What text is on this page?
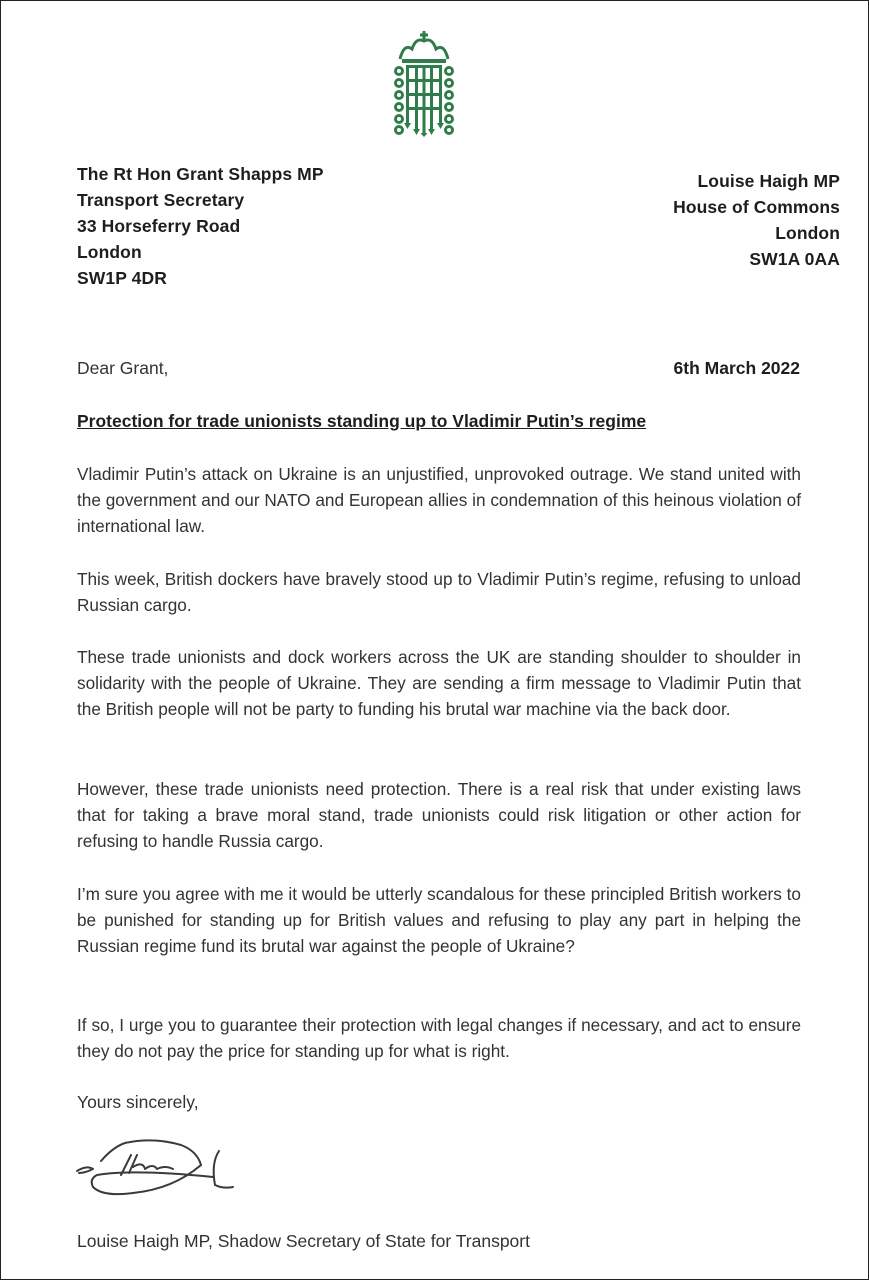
The Rt Hon Grant Shapps MP
Transport Secretary
33 Horseferry Road
London
SW1P 4DR
Louise Haigh MP
House of Commons
London
SW1A 0AA
Dear Grant,	6th March 2022
Protection for trade unionists standing up to Vladimir Putin’s regime
Vladimir Putin’s attack on Ukraine is an unjustified, unprovoked outrage. We stand united with the government and our NATO and European allies in condemnation of this heinous violation of international law.
This week, British dockers have bravely stood up to Vladimir Putin’s regime, refusing to unload Russian cargo.
These trade unionists and dock workers across the UK are standing shoulder to shoulder in solidarity with the people of Ukraine. They are sending a firm message to Vladimir Putin that the British people will not be party to funding his brutal war machine via the back door.
However, these trade unionists need protection. There is a real risk that under existing laws that for taking a brave moral stand, trade unionists could risk litigation or other action for refusing to handle Russia cargo.
I’m sure you agree with me it would be utterly scandalous for these principled British workers to be punished for standing up for British values and refusing to play any part in helping the Russian regime fund its brutal war against the people of Ukraine?
If so, I urge you to guarantee their protection with legal changes if necessary, and act to ensure they do not pay the price for standing up for what is right.
Yours sincerely,
Louise Haigh MP, Shadow Secretary of State for Transport
